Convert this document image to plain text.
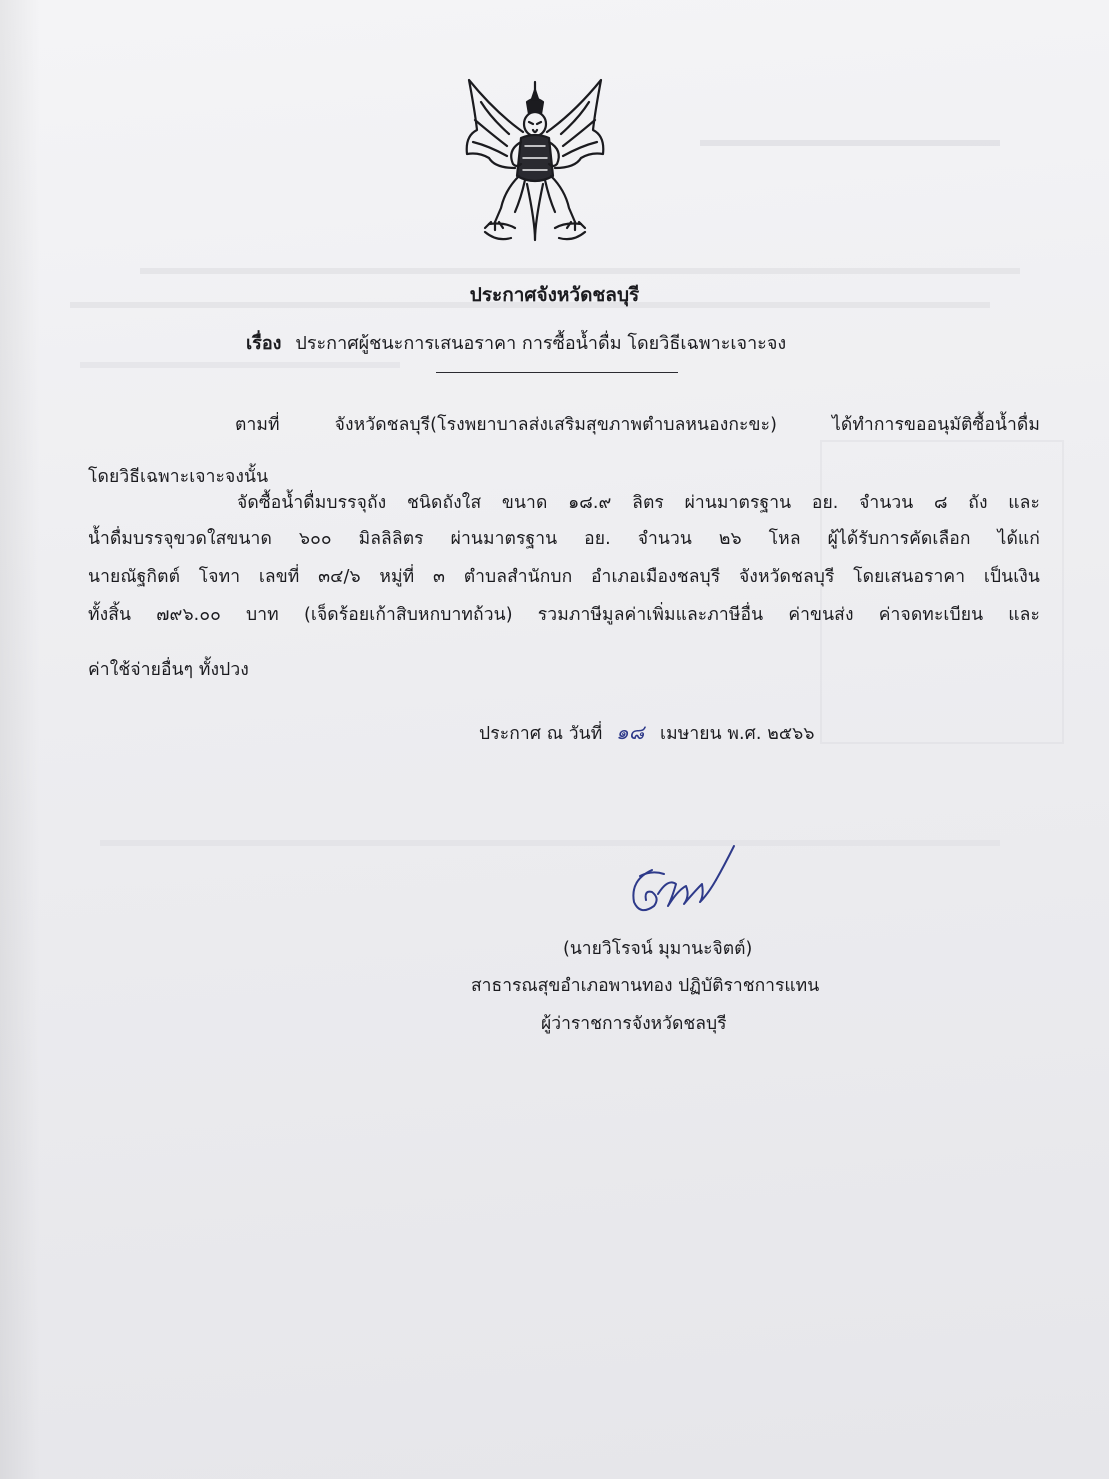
ประกาศจังหวัดชลบุรี
เรื่อง ประกาศผู้ชนะการเสนอราคา การซื้อน้ำดื่ม โดยวิธีเฉพาะเจาะจง
ตามที่ จังหวัดชลบุรี(โรงพยาบาลส่งเสริมสุขภาพตำบลหนองกะขะ) ได้ทำการขออนุมัติซื้อน้ำดื่ม
โดยวิธีเฉพาะเจาะจงนั้น
จัดซื้อน้ำดื่มบรรจุถัง ชนิดถังใส ขนาด ๑๘.๙ ลิตร ผ่านมาตรฐาน อย. จำนวน ๘ ถัง และ
น้ำดื่มบรรจุขวดใสขนาด ๖๐๐ มิลลิลิตร ผ่านมาตรฐาน อย. จำนวน ๒๖ โหล ผู้ได้รับการคัดเลือก ได้แก่
นายณัฐกิตต์ โจทา เลขที่ ๓๔/๖ หมู่ที่ ๓ ตำบลสำนักบก อำเภอเมืองชลบุรี จังหวัดชลบุรี โดยเสนอราคา เป็นเงิน
ทั้งสิ้น ๗๙๖.๐๐ บาท (เจ็ดร้อยเก้าสิบหกบาทถ้วน) รวมภาษีมูลค่าเพิ่มและภาษีอื่น ค่าขนส่ง ค่าจดทะเบียน และ
ค่าใช้จ่ายอื่นๆ ทั้งปวง
ประกาศ ณ วันที่ ๑๘ เมษายน พ.ศ. ๒๕๖๖
(นายวิโรจน์ มุมานะจิตต์)
สาธารณสุขอำเภอพานทอง ปฏิบัติราชการแทน
ผู้ว่าราชการจังหวัดชลบุรี
